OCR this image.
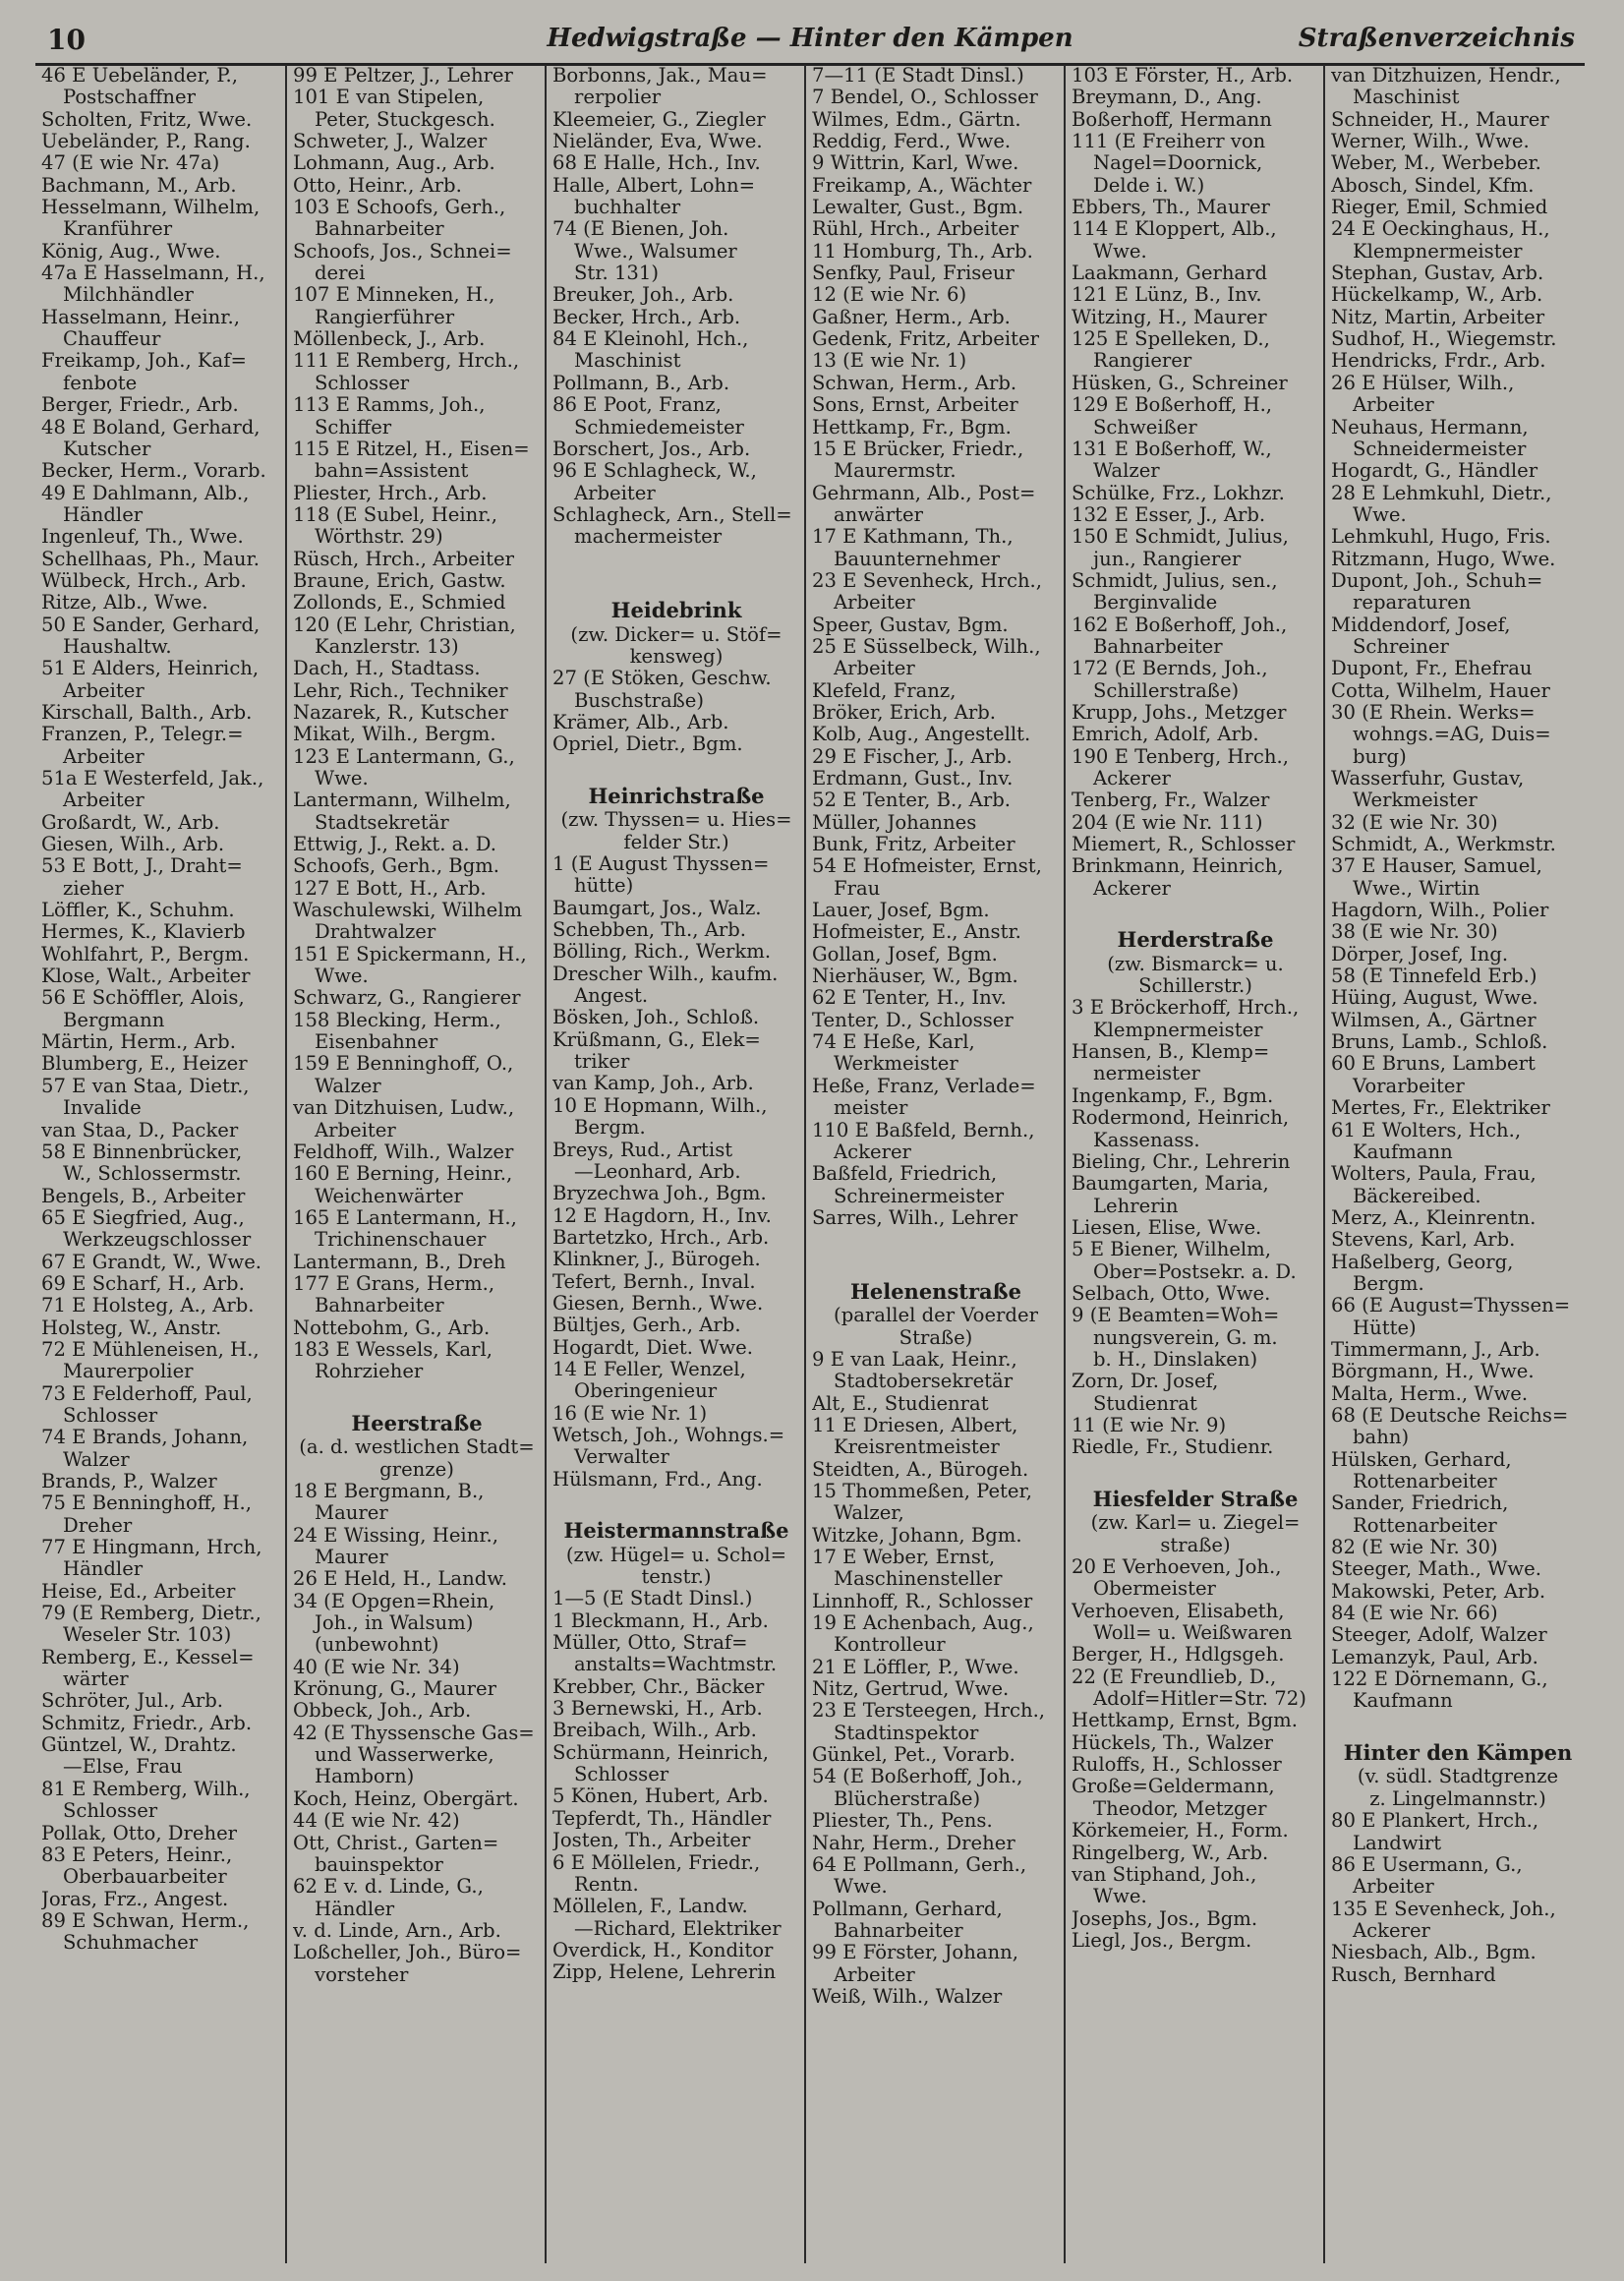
10	Hedwigstraße — Hinter den Kämpen	Straßenverzeichnis
46 E Uebeländer, P.,
Postschaffner
Scholten, Fritz, Wwe.
Uebeländer, P., Rang.
47 (E wie Nr. 47a)
Bachmann, M., Arb.
Hesselmann, Wilhelm,
Kranführer
König, Aug., Wwe.
47a E Hasselmann, H.,
Milchhändler
Hasselmann, Heinr.,
Chauffeur
Freikamp, Joh., Kaf=
fenbote
Berger, Friedr., Arb.
48 E Boland, Gerhard,
Kutscher
Becker, Herm., Vorarb.
49 E Dahlmann, Alb.,
Händler
Ingenleuf, Th., Wwe.
Schellhaas, Ph., Maur.
Wülbeck, Hrch., Arb.
Ritze, Alb., Wwe.
50 E Sander, Gerhard,
Haushaltw.
51 E Alders, Heinrich,
Arbeiter
Kirschall, Balth., Arb.
Franzen, P., Telegr.=
Arbeiter
51a E Westerfeld, Jak.,
Arbeiter
Großardt, W., Arb.
Giesen, Wilh., Arb.
53 E Bott, J., Draht=
zieher
Löffler, K., Schuhm.
Hermes, K., Klavierb
Wohlfahrt, P., Bergm.
Klose, Walt., Arbeiter
56 E Schöffler, Alois,
Bergmann
Märtin, Herm., Arb.
Blumberg, E., Heizer
57 E van Staa, Dietr.,
Invalide
van Staa, D., Packer
58 E Binnenbrücker,
W., Schlossermstr.
Bengels, B., Arbeiter
65 E Siegfried, Aug.,
Werkzeugschlosser
67 E Grandt, W., Wwe.
69 E Scharf, H., Arb.
71 E Holsteg, A., Arb.
Holsteg, W., Anstr.
72 E Mühleneisen, H.,
Maurerpolier
73 E Felderhoff, Paul,
Schlosser
74 E Brands, Johann,
Walzer
Brands, P., Walzer
75 E Benninghoff, H.,
Dreher
77 E Hingmann, Hrch,
Händler
Heise, Ed., Arbeiter
79 (E Remberg, Dietr.,
Weseler Str. 103)
Remberg, E., Kessel=
wärter
Schröter, Jul., Arb.
Schmitz, Friedr., Arb.
Güntzel, W., Drahtz.
—Else, Frau
81 E Remberg, Wilh.,
Schlosser
Pollak, Otto, Dreher
83 E Peters, Heinr.,
Oberbauarbeiter
Joras, Frz., Angest.
89 E Schwan, Herm.,
Schuhmacher
99 E Peltzer, J., Lehrer
101 E van Stipelen,
Peter, Stuckgesch.
Schweter, J., Walzer
Lohmann, Aug., Arb.
Otto, Heinr., Arb.
103 E Schoofs, Gerh.,
Bahnarbeiter
Schoofs, Jos., Schnei=
derei
107 E Minneken, H.,
Rangierführer
Möllenbeck, J., Arb.
111 E Remberg, Hrch.,
Schlosser
113 E Ramms, Joh.,
Schiffer
115 E Ritzel, H., Eisen=
bahn=Assistent
Pliester, Hrch., Arb.
118 (E Subel, Heinr.,
Wörthstr. 29)
Rüsch, Hrch., Arbeiter
Braune, Erich, Gastw.
Zollonds, E., Schmied
120 (E Lehr, Christian,
Kanzlerstr. 13)
Dach, H., Stadtass.
Lehr, Rich., Techniker
Nazarek, R., Kutscher
Mikat, Wilh., Bergm.
123 E Lantermann, G.,
Wwe.
Lantermann, Wilhelm,
Stadtsekretär
Ettwig, J., Rekt. a. D.
Schoofs, Gerh., Bgm.
127 E Bott, H., Arb.
Waschulewski, Wilhelm
Drahtwalzer
151 E Spickermann, H.,
Wwe.
Schwarz, G., Rangierer
158 Blecking, Herm.,
Eisenbahner
159 E Benninghoff, O.,
Walzer
van Ditzhuisen, Ludw.,
Arbeiter
Feldhoff, Wilh., Walzer
160 E Berning, Heinr.,
Weichenwärter
165 E Lantermann, H.,
Trichinenschauer
Lantermann, B., Dreh
177 E Grans, Herm.,
Bahnarbeiter
Nottebohm, G., Arb.
183 E Wessels, Karl,
Rohrzieher
Heerstraße
(a. d. westlichen Stadt=
grenze)
18 E Bergmann, B.,
Maurer
24 E Wissing, Heinr.,
Maurer
26 E Held, H., Landw.
34 (E Opgen=Rhein,
Joh., in Walsum)
(unbewohnt)
40 (E wie Nr. 34)
Krönung, G., Maurer
Obbeck, Joh., Arb.
42 (E Thyssensche Gas=
und Wasserwerke,
Hamborn)
Koch, Heinz, Obergärt.
44 (E wie Nr. 42)
Ott, Christ., Garten=
bauinspektor
62 E v. d. Linde, G.,
Händler
v. d. Linde, Arn., Arb.
Loßcheller, Joh., Büro=
vorsteher
Borbonns, Jak., Mau=
rerpolier
Kleemeier, G., Ziegler
Nieländer, Eva, Wwe.
68 E Halle, Hch., Inv.
Halle, Albert, Lohn=
buchhalter
74 (E Bienen, Joh.
Wwe., Walsumer
Str. 131)
Breuker, Joh., Arb.
Becker, Hrch., Arb.
84 E Kleinohl, Hch.,
Maschinist
Pollmann, B., Arb.
86 E Poot, Franz,
Schmiedemeister
Borschert, Jos., Arb.
96 E Schlagheck, W.,
Arbeiter
Schlagheck, Arn., Stell=
machermeister
Heidebrink
(zw. Dicker= u. Stöf=
kensweg)
27 (E Stöken, Geschw.
Buschstraße)
Krämer, Alb., Arb.
Opriel, Dietr., Bgm.
Heinrichstraße
(zw. Thyssen= u. Hies=
felder Str.)
1 (E August Thyssen=
hütte)
Baumgart, Jos., Walz.
Schebben, Th., Arb.
Bölling, Rich., Werkm.
Drescher Wilh., kaufm.
Angest.
Bösken, Joh., Schloß.
Krüßmann, G., Elek=
triker
van Kamp, Joh., Arb.
10 E Hopmann, Wilh.,
Bergm.
Breys, Rud., Artist
—Leonhard, Arb.
Bryzechwa Joh., Bgm.
12 E Hagdorn, H., Inv.
Bartetzko, Hrch., Arb.
Klinkner, J., Bürogeh.
Tefert, Bernh., Inval.
Giesen, Bernh., Wwe.
Bültjes, Gerh., Arb.
Hogardt, Diet. Wwe.
14 E Feller, Wenzel,
Oberingenieur
16 (E wie Nr. 1)
Wetsch, Joh., Wohngs.=
Verwalter
Hülsmann, Frd., Ang.
Heistermannstraße
(zw. Hügel= u. Schol=
tenstr.)
1—5 (E Stadt Dinsl.)
1 Bleckmann, H., Arb.
Müller, Otto, Straf=
anstalts=Wachtmstr.
Krebber, Chr., Bäcker
3 Bernewski, H., Arb.
Breibach, Wilh., Arb.
Schürmann, Heinrich,
Schlosser
5 Könen, Hubert, Arb.
Tepferdt, Th., Händler
Josten, Th., Arbeiter
6 E Möllelen, Friedr.,
Rentn.
Möllelen, F., Landw.
—Richard, Elektriker
Overdick, H., Konditor
Zipp, Helene, Lehrerin
7—11 (E Stadt Dinsl.)
7 Bendel, O., Schlosser
Wilmes, Edm., Gärtn.
Reddig, Ferd., Wwe.
9 Wittrin, Karl, Wwe.
Freikamp, A., Wächter
Lewalter, Gust., Bgm.
Rühl, Hrch., Arbeiter
11 Homburg, Th., Arb.
Senfky, Paul, Friseur
12 (E wie Nr. 6)
Gaßner, Herm., Arb.
Gedenk, Fritz, Arbeiter
13 (E wie Nr. 1)
Schwan, Herm., Arb.
Sons, Ernst, Arbeiter
Hettkamp, Fr., Bgm.
15 E Brücker, Friedr.,
Maurermstr.
Gehrmann, Alb., Post=
anwärter
17 E Kathmann, Th.,
Bauunternehmer
23 E Sevenheck, Hrch.,
Arbeiter
Speer, Gustav, Bgm.
25 E Süsselbeck, Wilh.,
Arbeiter
Klefeld, Franz,
Bröker, Erich, Arb.
Kolb, Aug., Angestellt.
29 E Fischer, J., Arb.
Erdmann, Gust., Inv.
52 E Tenter, B., Arb.
Müller, Johannes
Bunk, Fritz, Arbeiter
54 E Hofmeister, Ernst,
Frau
Lauer, Josef, Bgm.
Hofmeister, E., Anstr.
Gollan, Josef, Bgm.
Nierhäuser, W., Bgm.
62 E Tenter, H., Inv.
Tenter, D., Schlosser
74 E Heße, Karl,
Werkmeister
Heße, Franz, Verlade=
meister
110 E Baßfeld, Bernh.,
Ackerer
Baßfeld, Friedrich,
Schreinermeister
Sarres, Wilh., Lehrer
Helenenstraße
(parallel der Voerder
Straße)
9 E van Laak, Heinr.,
Stadtobersekretär
Alt, E., Studienrat
11 E Driesen, Albert,
Kreisrentmeister
Steidten, A., Bürogeh.
15 Thommeßen, Peter,
Walzer,
Witzke, Johann, Bgm.
17 E Weber, Ernst,
Maschinensteller
Linnhoff, R., Schlosser
19 E Achenbach, Aug.,
Kontrolleur
21 E Löffler, P., Wwe.
Nitz, Gertrud, Wwe.
23 E Tersteegen, Hrch.,
Stadtinspektor
Günkel, Pet., Vorarb.
54 (E Boßerhoff, Joh.,
Blücherstraße)
Pliester, Th., Pens.
Nahr, Herm., Dreher
64 E Pollmann, Gerh.,
Wwe.
Pollmann, Gerhard,
Bahnarbeiter
99 E Förster, Johann,
Arbeiter
Weiß, Wilh., Walzer
103 E Förster, H., Arb.
Breymann, D., Ang.
Boßerhoff, Hermann
111 (E Freiherr von
Nagel=Doornick,
Delde i. W.)
Ebbers, Th., Maurer
114 E Kloppert, Alb.,
Wwe.
Laakmann, Gerhard
121 E Lünz, B., Inv.
Witzing, H., Maurer
125 E Spelleken, D.,
Rangierer
Hüsken, G., Schreiner
129 E Boßerhoff, H.,
Schweißer
131 E Boßerhoff, W.,
Walzer
Schülke, Frz., Lokhzr.
132 E Esser, J., Arb.
150 E Schmidt, Julius,
jun., Rangierer
Schmidt, Julius, sen.,
Berginvalide
162 E Boßerhoff, Joh.,
Bahnarbeiter
172 (E Bernds, Joh.,
Schillerstraße)
Krupp, Johs., Metzger
Emrich, Adolf, Arb.
190 E Tenberg, Hrch.,
Ackerer
Tenberg, Fr., Walzer
204 (E wie Nr. 111)
Miemert, R., Schlosser
Brinkmann, Heinrich,
Ackerer
Herderstraße
(zw. Bismarck= u.
Schillerstr.)
3 E Bröckerhoff, Hrch.,
Klempnermeister
Hansen, B., Klemp=
nermeister
Ingenkamp, F., Bgm.
Rodermond, Heinrich,
Kassenass.
Bieling, Chr., Lehrerin
Baumgarten, Maria,
Lehrerin
Liesen, Elise, Wwe.
5 E Biener, Wilhelm,
Ober=Postsekr. a. D.
Selbach, Otto, Wwe.
9 (E Beamten=Woh=
nungsverein, G. m.
b. H., Dinslaken)
Zorn, Dr. Josef,
Studienrat
11 (E wie Nr. 9)
Riedle, Fr., Studienr.
Hiesfelder Straße
(zw. Karl= u. Ziegel=
straße)
20 E Verhoeven, Joh.,
Obermeister
Verhoeven, Elisabeth,
Woll= u. Weißwaren
Berger, H., Hdlgsgeh.
22 (E Freundlieb, D.,
Adolf=Hitler=Str. 72)
Hettkamp, Ernst, Bgm.
Hückels, Th., Walzer
Ruloffs, H., Schlosser
Große=Geldermann,
Theodor, Metzger
Körkemeier, H., Form.
Ringelberg, W., Arb.
van Stiphand, Joh.,
Wwe.
Josephs, Jos., Bgm.
Liegl, Jos., Bergm.
van Ditzhuizen, Hendr.,
Maschinist
Schneider, H., Maurer
Werner, Wilh., Wwe.
Weber, M., Werbeber.
Abosch, Sindel, Kfm.
Rieger, Emil, Schmied
24 E Oeckinghaus, H.,
Klempnermeister
Stephan, Gustav, Arb.
Hückelkamp, W., Arb.
Nitz, Martin, Arbeiter
Sudhof, H., Wiegemstr.
Hendricks, Frdr., Arb.
26 E Hülser, Wilh.,
Arbeiter
Neuhaus, Hermann,
Schneidermeister
Hogardt, G., Händler
28 E Lehmkuhl, Dietr.,
Wwe.
Lehmkuhl, Hugo, Fris.
Ritzmann, Hugo, Wwe.
Dupont, Joh., Schuh=
reparaturen
Middendorf, Josef,
Schreiner
Dupont, Fr., Ehefrau
Cotta, Wilhelm, Hauer
30 (E Rhein. Werks=
wohngs.=AG, Duis=
burg)
Wasserfuhr, Gustav,
Werkmeister
32 (E wie Nr. 30)
Schmidt, A., Werkmstr.
37 E Hauser, Samuel,
Wwe., Wirtin
Hagdorn, Wilh., Polier
38 (E wie Nr. 30)
Dörper, Josef, Ing.
58 (E Tinnefeld Erb.)
Hüing, August, Wwe.
Wilmsen, A., Gärtner
Bruns, Lamb., Schloß.
60 E Bruns, Lambert
Vorarbeiter
Mertes, Fr., Elektriker
61 E Wolters, Hch.,
Kaufmann
Wolters, Paula, Frau,
Bäckereibed.
Merz, A., Kleinrentn.
Stevens, Karl, Arb.
Haßelberg, Georg,
Bergm.
66 (E August=Thyssen=
Hütte)
Timmermann, J., Arb.
Börgmann, H., Wwe.
Malta, Herm., Wwe.
68 (E Deutsche Reichs=
bahn)
Hülsken, Gerhard,
Rottenarbeiter
Sander, Friedrich,
Rottenarbeiter
82 (E wie Nr. 30)
Steeger, Math., Wwe.
Makowski, Peter, Arb.
84 (E wie Nr. 66)
Steeger, Adolf, Walzer
Lemanzyk, Paul, Arb.
122 E Dörnemann, G.,
Kaufmann
Hinter den Kämpen
(v. südl. Stadtgrenze
z. Lingelmannstr.)
80 E Plankert, Hrch.,
Landwirt
86 E Usermann, G.,
Arbeiter
135 E Sevenheck, Joh.,
Ackerer
Niesbach, Alb., Bgm.
Rusch, Bernhard
